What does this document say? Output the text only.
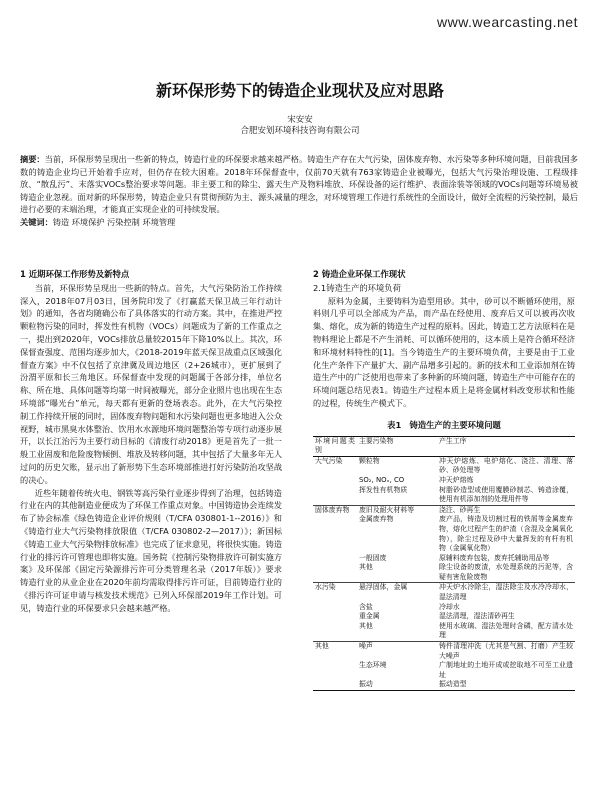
www.wearcasting.net
新环保形势下的铸造企业现状及应对思路
宋安安
合肥安划环境科技咨询有限公司

摘要：当前，环保形势呈现出一些新的特点，铸造行业的环保要求越来越严格。铸造生产存在大气污染，固体废弃物、水污染等多种环境问题，目前我国多数的铸造企业均已开始着手应对，但仍存在较大困难。2018年环保督查中，仅前70天就有763家铸造企业被曝光，包括大气污染治理设施、工程级排放、“散乱污”、末落实VOCs整治要求等问题。非主要工和的除尘、露天生产及物料堆放、环保设备的运行维护、表面涂装等领域的VOCs问题等环境易被铸造企业忽视。面对新的环保形势，铸造企业只有贯彻预防为主、源头减量的理念，对环境管理工作进行系统性的全面设计，做好全流程的污染控制，最后进行必要的末端治理，才能真正实现企业的可持续发展。

关键词：铸造 环境保护 污染控制 环境管理

1 近期环保工作形势及新特点

当前，环保形势呈现出一些新的特点。首先，大气污染防治工作持续深入，2018年07月03日，国务院印发了《打赢蓝天保卫战三年行动计划》的通知，各省均随确公布了具体落实的行动方案。其中，在推进严控颗粒物污染的同时，挥发性有机物（VOCs）问题成为了新的工作重点之一，提出到2020年，VOCs排放总量较2015年下降10%以上。其次，环保督查强度、范围均逐步加大，《2018-2019年蓝天保卫战重点区域强化督查方案》中不仅包括了京津冀及周边地区（2+26城市），更扩展到了汾渭平原和长三角地区。环保督查中发现的问题属于各部分排，单位名称、所在地、具体问题等均第一时间被曝光，部分企业照片也出现在生态环境部“曝光台”单元，每天都有更新的登场表态。此外，在大气污染控制工作持续开展的同时，固体废弃物问题和水污染问题也更多地进入公众视野，城市黑臭水体整治、饮用水水源地环境问题整治等专项行动逐步展开，以长江治污为主要行动目标的《清废行动2018》更是首先了一批一般工业固废和危险废物倾倒、堆放及转移问题，其中包括了大量多年无人过问的历史欠账，显示出了新形势下生态环境部推进打好污染防治攻坚战的决心。

近些年随着传统火电、钢铁等高污染行业逐步得到了治理，包括铸造行业在内的其他制造业便成为了环保工作重点对象。中国铸造协会连续发布了协会标准《绿色铸造企业评价规则（T/CFA 030801-1--2016）》和《铸造行业大气污染物排放限值（T/CFA 030802-2—2017）》；新国标《铸造工业大气污染物排放标准》也完成了征求意见，将很快实施。铸造行业的排污许可管理也即将实施。国务院《控制污染物排放许可制实施方案》及环保部《固定污染源排污许可分类管理名录（2017年版）》要求铸造行业的从业企业在2020年前均需取得排污许可证，目前铸造行业的《排污许可证申请与核发技术规范》已列入环保部2019年工作计划。可见，铸造行业的环保要求只会越来越严格。

2 铸造企业环保工作现状
2.1铸造生产的环境负荷

原料为金属，主要铸料为造型用砂。其中，砂可以不断循环使用，原料则几乎可以全部成为产品，而产品在经使用、废弃后又可以被再次收集、熔化，成为新的铸造生产过程的原料。因此，铸造工艺方法原料在是物料理论上都是不产生消耗、可以循环使用的，这本质上是符合循环经济和环境材料特性的[1]。当今铸造生产的主要环境负荷，主要是由于工业化生产条件下产量扩大、副产品增多引起的。新的技术和工业添加剂在铸造生产中的广泛使用也带来了多种新的环境问题，铸造生产中可能存在的环境问题总结见表1。铸造生产过程本质上是将金属材料改变形状和性能的过程，传统生产模式下。

表1　铸造生产的主要环境问题
环境问题类别	主要污染物	产生工序
大气污染	颗粒物	冲天炉熔炼、电炉熔化、浇注、清理、落砂、砂处理等
	SO₂, NOₓ, CO	冲天炉熔炼
	挥发性有机物质	树脂砂造型或使用覆膜砂制芯、铸造涂覆，使用有机添加剂的处理用件等
固体废弃物	废旧及耐火材料等	浇注、砂再生
	金属废弃物	废产品，铸造及切割过程的铁屑等金属废弃物，熔化过程产生的炉渣（含混及金属氧化物），除尘过程及砂中大量挥发的有杆有机物（金属氧化物）
	一般固废	原辅料废弃包装，废弃托辅助用品等
	其他	除尘设备的废渣，水处理系统的污泥等，含疑有害危险废物
水污染	悬浮固体，金属	冲天炉水冷除尘，湿法除尘及水冷冷却水，湿法清理
	含盐	冷却水
	重金属	湿法清理，湿法清砂再生
	其他	使用水玻璃、湿法处理时含磷，配方清水处理
其他	噪声	铸件清理冲洗（尤其是气割、打磨）产生较大噪声
	生态环境	广制地址的土地开成或挖取地不可至工业遗址
	振动	振动造型
